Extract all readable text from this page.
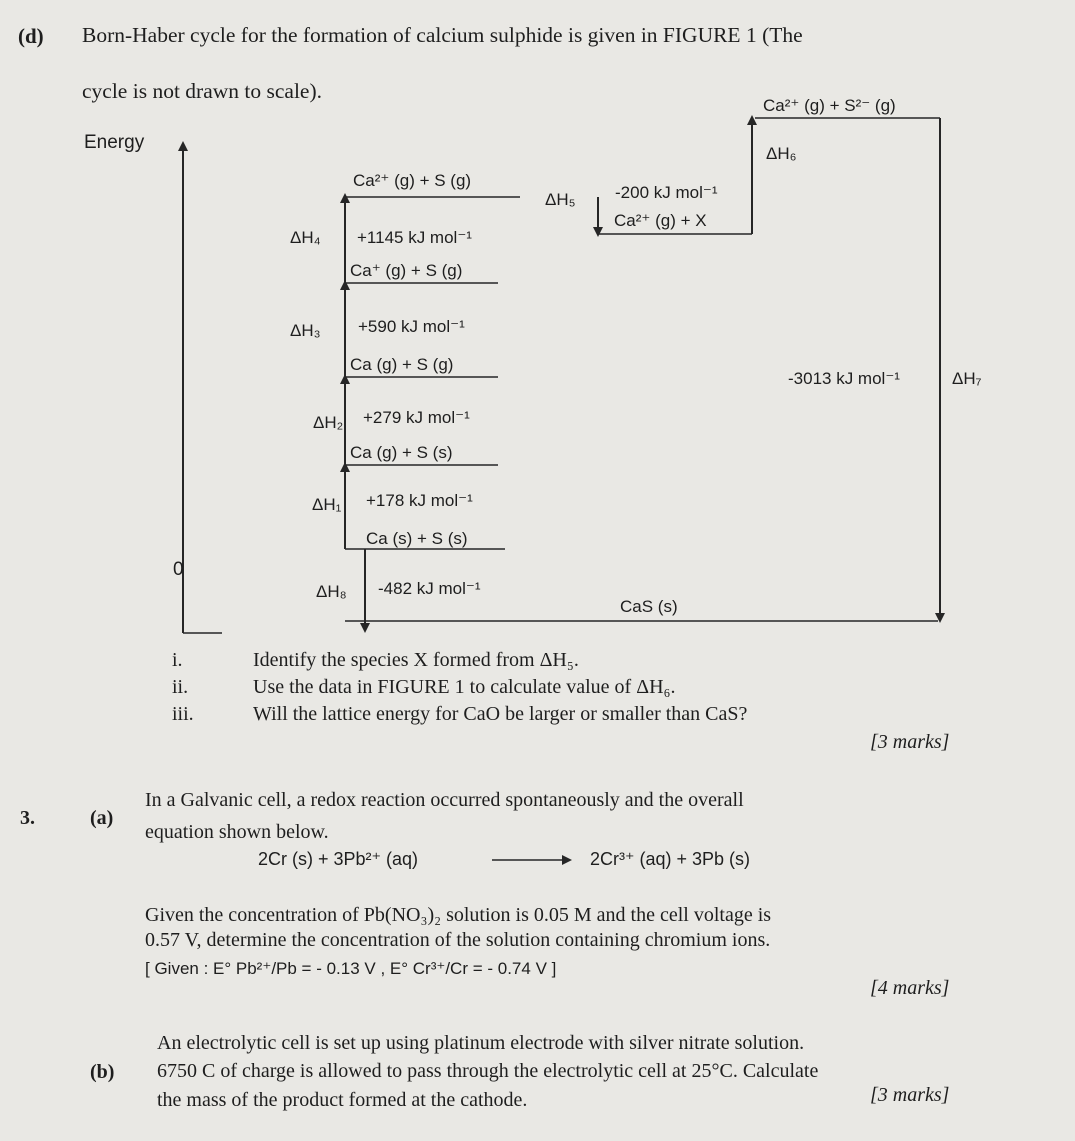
(d) Born-Haber cycle for the formation of calcium sulphide is given in FIGURE 1 (The
cycle is not drawn to scale).
Energy
0
Ca²⁺ (g) + S²⁻ (g)
Ca²⁺ (g) + S (g)
Ca²⁺ (g) + X
Ca⁺ (g) + S (g)
Ca (g) + S (g)
Ca (g) + S (s)
Ca (s) + S (s)
CaS (s)
ΔH₄ +1145 kJ mol⁻¹
ΔH₃ +590 kJ mol⁻¹
ΔH₂ +279 kJ mol⁻¹
ΔH₁ +178 kJ mol⁻¹
ΔH₈ -482 kJ mol⁻¹
ΔH₅ -200 kJ mol⁻¹
ΔH₆
-3013 kJ mol⁻¹	ΔH₇
i.	Identify the species X formed from ΔH₅.
ii.	Use the data in FIGURE 1 to calculate value of ΔH₆.
iii.	Will the lattice energy for CaO be larger or smaller than CaS?
[3 marks]
3.	(a)
In a Galvanic cell, a redox reaction occurred spontaneously and the overall
equation shown below.
2Cr (s) + 3Pb²⁺ (aq)	2Cr³⁺ (aq) + 3Pb (s)
Given the concentration of Pb(NO₃)₂ solution is 0.05 M and the cell voltage is
0.57 V, determine the concentration of the solution containing chromium ions.
[ Given : E° Pb²⁺/Pb = - 0.13 V , E° Cr³⁺/Cr = - 0.74 V ]
[4 marks]
(b)
An electrolytic cell is set up using platinum electrode with silver nitrate solution.
6750 C of charge is allowed to pass through the electrolytic cell at 25°C. Calculate
the mass of the product formed at the cathode.	[3 marks]
